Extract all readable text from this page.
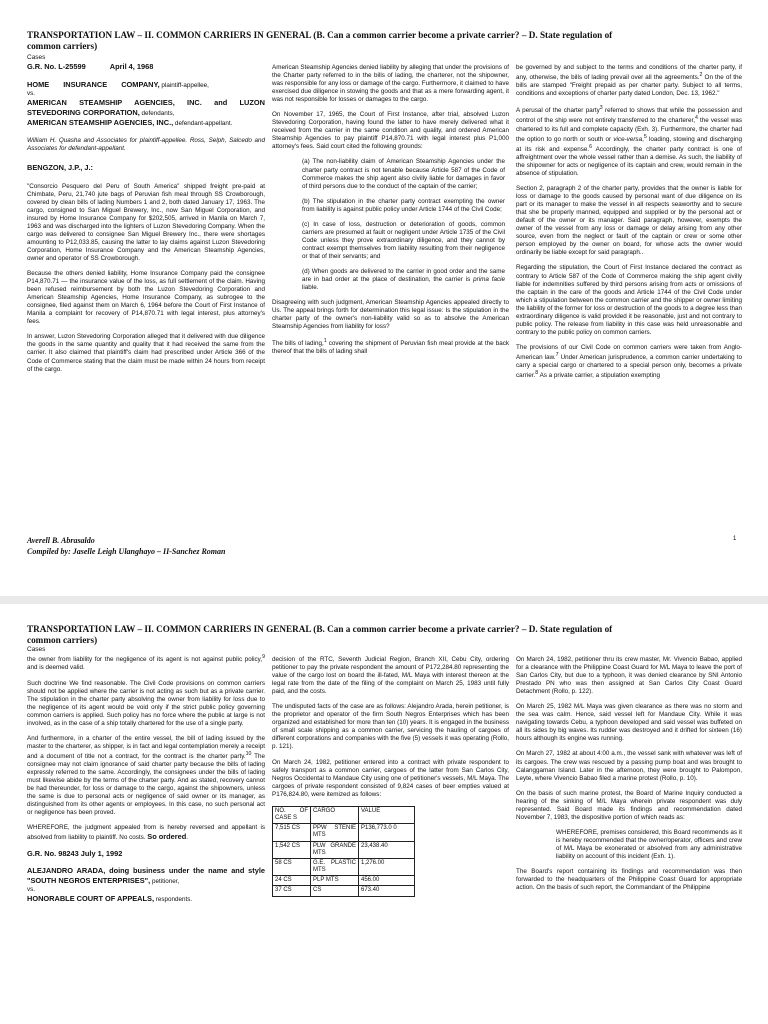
TRANSPORTATION LAW – II. COMMON CARRIERS IN GENERAL (B. Can a common carrier become a private carrier? – D. State regulation of
common carriers)
Cases
G.R. No. L-25599	April 4, 1968
HOME INSURANCE COMPANY, plaintiff-appellee,
vs.
AMERICAN STEAMSHIP AGENCIES, INC. and LUZON STEVEDORING CORPORATION, defendants,
AMERICAN STEAMSHIP AGENCIES, INC., defendant-appellant.

William H. Quasha and Associates for plaintiff-appellee. Ross, Selph, Salcedo and Associates for defendant-appellant.

BENGZON, J.P., J.:

"Consorcio Pesquero del Peru of South America" shipped freight pre-paid at Chimbate, Peru, 21,740 jute bags of Peruvian fish meal through SS Crowborough, covered by clean bills of lading Numbers 1 and 2, both dated January 17, 1963. The cargo, consigned to San Miguel Brewery, Inc., now San Miguel Corporation, and insured by Home Insurance Company for $202,505, arrived in Manila on March 7, 1963 and was discharged into the lighters of Luzon Stevedoring Company. When the cargo was delivered to consignee San Miguel Brewery Inc., there were shortages amounting to P12,033.85, causing the latter to lay claims against Luzon Stevedoring Corporation, Home Insurance Company and the American Steamship Agencies, owner and operator of SS Crowborough.

Because the others denied liability, Home Insurance Company paid the consignee P14,870.71 — the insurance value of the loss, as full settlement of the claim. Having been refused reimbursement by both the Luzon Stevedoring Corporation and American Steamship Agencies, Home Insurance Company, as subrogee to the consignee, filed against them on March 6, 1964 before the Court of First Instance of Manila a complaint for recovery of P14,870.71 with legal interest, plus attorney's fees.

In answer, Luzon Stevedoring Corporation alleged that it delivered with due diligence the goods in the same quantity and quality that it had received the same from the carrier. It also claimed that plaintiff's claim had prescribed under Article 366 of the Code of Commerce stating that the claim must be made within 24 hours from receipt of the cargo.

American Steamship Agencies denied liability by alleging that under the provisions of the Charter party referred to in the bills of lading, the charterer, not the shipowner, was responsible for any loss or damage of the cargo. Furthermore, it claimed to have exercised due diligence in stowing the goods and that as a mere forwarding agent, it was not responsible for losses or damages to the cargo.

On November 17, 1965, the Court of First Instance, after trial, absolved Luzon Stevedoring Corporation, having found the latter to have merely delivered what it received from the carrier in the same condition and quality, and ordered American Steamship Agencies to pay plaintiff P14,870.71 with legal interest plus P1,000 attorney's fees. Said court cited the following grounds:

(a) The non-liability claim of American Steamship Agencies under the charter party contract is not tenable because Article 587 of the Code of Commerce makes the ship agent also civilly liable for damages in favor of third persons due to the conduct of the captain of the carrier;

(b) The stipulation in the charter party contract exempting the owner from liability is against public policy under Article 1744 of the Civil Code;

(c) In case of loss, destruction or deterioration of goods, common carriers are presumed at fault or negligent under Article 1735 of the Civil Code unless they prove extraordinary diligence, and they cannot by contract exempt themselves from liability resulting from their negligence or that of their servants; and

(d) When goods are delivered to the carrier in good order and the same are in bad order at the place of destination, the carrier is prima facie liable.

Disagreeing with such judgment, American Steamship Agencies appealed directly to Us. The appeal brings forth for determination this legal issue: Is the stipulation in the charter party of the owner's non-liability valid so as to absolve the American Steamship Agencies from liability for loss?

The bills of lading,$^1$ covering the shipment of Peruvian fish meal provide at the back thereof that the bills of lading shall

be governed by and subject to the terms and conditions of the charter party, if any, otherwise, the bills of lading prevail over all the agreements.$^2$ On the of the bills are stamped "Freight prepaid as per charter party. Subject to all terms, conditions and exceptions of charter party dated London, Dec. 13, 1962."

A perusal of the charter party$^3$ referred to shows that while the possession and control of the ship were not entirely transferred to the charterer,$^4$ the vessel was chartered to its full and complete capacity (Exh. 3). Furthermore, the charter had the option to go north or south or vice-versa,$^5$ loading, stowing and discharging at its risk and expense.$^6$ Accordingly, the charter party contract is one of affreightment over the whole vessel rather than a demise. As such, the liability of the shipowner for acts or negligence of its captain and crew, would remain in the absence of stipulation.

Section 2, paragraph 2 of the charter party, provides that the owner is liable for loss or damage to the goods caused by personal want of due diligence on its part or its manager to make the vessel in all respects seaworthy and to secure that she be properly manned, equipped and supplied or by the personal act or default of the owner or its manager. Said paragraph, however, exempts the owner of the vessel from any loss or damage or delay arising from any other source, even from the neglect or fault of the captain or crew or some other person employed by the owner on board, for whose acts the owner would ordinarily be liable except for said paragraph..

Regarding the stipulation, the Court of First Instance declared the contract as contrary to Article 587 of the Code of Commerce making the ship agent civilly liable for indemnities suffered by third persons arising from acts or omissions of the captain in the care of the goods and Article 1744 of the Civil Code under which a stipulation between the common carrier and the shipper or owner limiting the liability of the former for loss or destruction of the goods to a degree less than extraordinary diligence is valid provided it be reasonable, just and not contrary to public policy. The release from liability in this case was held unreasonable and contrary to the public policy on common carriers.

The provisions of our Civil Code on common carriers were taken from Anglo-American law.$^7$ Under American jurisprudence, a common carrier undertaking to carry a special cargo or chartered to a special person only, becomes a private carrier.$^8$ As a private carrier, a stipulation exempting

Averell B. Abrasaldo
Compiled by: Jaselle Leigh Ulanghayo – II-Sanchez Roman
1
TRANSPORTATION LAW – II. COMMON CARRIERS IN GENERAL (B. Can a common carrier become a private carrier? – D. State regulation of
common carriers)
Cases

the owner from liability for the negligence of its agent is not against public policy,$^9$ and is deemed valid.

Such doctrine We find reasonable. The Civil Code provisions on common carriers should not be applied where the carrier is not acting as such but as a private carrier. The stipulation in the charter party absolving the owner from liability for loss due to the negligence of its agent would be void only if the strict public policy governing common carriers is applied. Such policy has no force where the public at large is not involved, as in the case of a ship totally chartered for the use of a single party.

And furthermore, in a charter of the entire vessel, the bill of lading issued by the master to the charterer, as shipper, is in fact and legal contemplation merely a receipt and a document of title not a contract, for the contract is the charter party.$^{10}$ The consignee may not claim ignorance of said charter party because the bills of lading expressly referred to the same. Accordingly, the consignees under the bills of lading must likewise abide by the terms of the charter party. And as stated, recovery cannot be had thereunder, for loss or damage to the cargo, against the shipowners, unless the same is due to personal acts or negligence of said owner or its manager, as distinguished from its other agents or employees. In this case, no such personal act or negligence has been proved.

WHEREFORE, the judgment appealed from is hereby reversed and appellant is absolved from liability to plaintiff. No costs. So ordered.

G.R. No. 98243 July 1, 1992

ALEJANDRO ARADA, doing business under the name and style "SOUTH NEGROS ENTERPRISES", petitioner,
vs.
HONORABLE COURT OF APPEALS, respondents.

decision of the RTC, Seventh Judicial Region, Branch XII, Cebu City, ordering petitioner to pay the private respondent the amount of P172,284.80 representing the value of the cargo lost on board the ill-fated, M/L Maya with interest thereon at the legal rate from the date of the filing of the complaint on March 25, 1983 until fully paid, and the costs.

The undisputed facts of the case are as follows: Alejandro Arada, herein petitioner, is the proprietor and operator of the firm South Negros Enterprises which has been organized and established for more than ten (10) years. It is engaged in the business of small scale shipping as a common carrier, servicing the hauling of cargoes of different corporations and companies with the five (5) vessels it was operating (Rollo, p. 121).

On March 24, 1982, petitioner entered into a contract with private respondent to safely transport as a common carrier, cargoes of the latter from San Carlos City, Negros Occidental to Mandaue City using one of petitioner's vessels, M/L Maya. The cargoes of private respondent consisted of 9,824 cases of beer empties valued at P176,824.80, were itemized as follows:

NO. OF CASE S	CARGO	VALUE
7,515 CS	PPW STENIE MTS	P136,773.0 0
1,542 CS	PLW GRANDE MTS	23,438.40
58 CS	G.E. PLASTIC MTS	1,276.00
24 CS	PLP MTS	456.00
37 CS	CS	673.40

On March 24, 1982, petitioner thru its crew master, Mr. Vivencio Babao, applied for a clearance with the Philippine Coast Guard for M/L Maya to leave the port of San Carlos City, but due to a typhoon, it was denied clearance by SNI Antonio Prestado PN who was then assigned at San Carlos City Coast Guard Detachment (Rollo, p. 122).

On March 25, 1982 M/L Maya was given clearance as there was no storm and the sea was calm. Hence, said vessel left for Mandaue City. While it was navigating towards Cebu, a typhoon developed and said vessel was buffeted on all its sides by big waves. Its rudder was destroyed and it drifted for sixteen (16) hours although its engine was running.

On March 27, 1982 at about 4:00 a.m., the vessel sank with whatever was left of its cargoes. The crew was rescued by a passing pump boat and was brought to Calanggaman Island. Later in the afternoon, they were brought to Palompon, Leyte, where Vivencio Babao filed a marine protest (Rollo, p. 10).

On the basis of such marine protest, the Board of Marine Inquiry conducted a hearing of the sinking of M/L Maya wherein private respondent was duly represented. Said Board made its findings and recommendation dated November 7, 1983, the dispositive portion of which reads as:

WHEREFORE, premises considered, this Board recommends as it is hereby recommended that the owner/operator, officers and crew of M/L Maya be exonerated or absolved from any administrative liability on account of this incident (Exh. 1).

The Board's report containing its findings and recommendation was then forwarded to the headquarters of the Philippine Coast Guard for appropriate action. On the basis of such report, the Commandant of the Philippine
